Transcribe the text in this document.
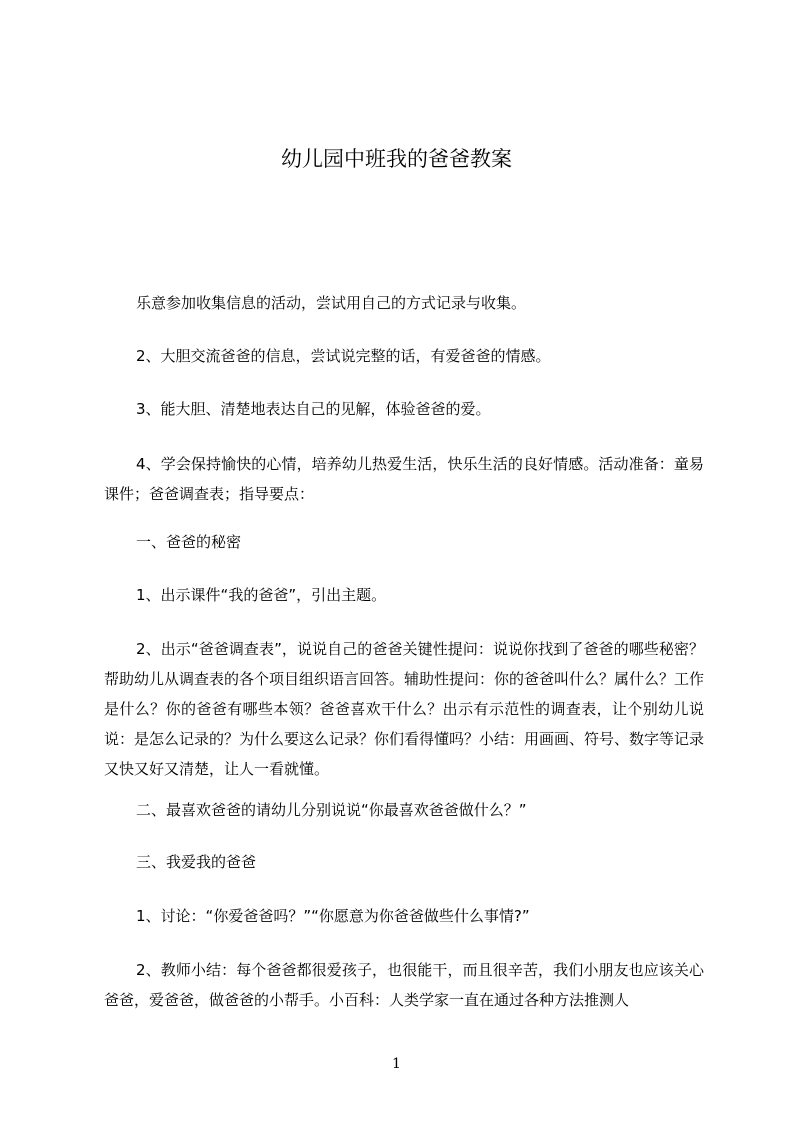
幼儿园中班我的爸爸教案

乐意参加收集信息的活动，尝试用自己的方式记录与收集。

2、大胆交流爸爸的信息，尝试说完整的话，有爱爸爸的情感。

3、能大胆、清楚地表达自己的见解，体验爸爸的爱。

4、学会保持愉快的心情，培养幼儿热爱生活，快乐生活的良好情感。活动准备：童易课件；爸爸调查表；指导要点：

一、爸爸的秘密

1、出示课件“我的爸爸”，引出主题。

2、出示“爸爸调查表”，说说自己的爸爸关键性提问：说说你找到了爸爸的哪些秘密？帮助幼儿从调查表的各个项目组织语言回答。辅助性提问：你的爸爸叫什么？属什么？工作是什么？你的爸爸有哪些本领？爸爸喜欢干什么？出示有示范性的调查表，让个别幼儿说说：是怎么记录的？为什么要这么记录？你们看得懂吗？小结：用画画、符号、数字等记录又快又好又清楚，让人一看就懂。

二、最喜欢爸爸的请幼儿分别说说“你最喜欢爸爸做什么？”

三、我爱我的爸爸

1、讨论：“你爱爸爸吗？”“你愿意为你爸爸做些什么事情?”

2、教师小结：每个爸爸都很爱孩子，也很能干，而且很辛苦，我们小朋友也应该关心爸爸，爱爸爸，做爸爸的小帮手。小百科：人类学家一直在通过各种方法推测人

1
